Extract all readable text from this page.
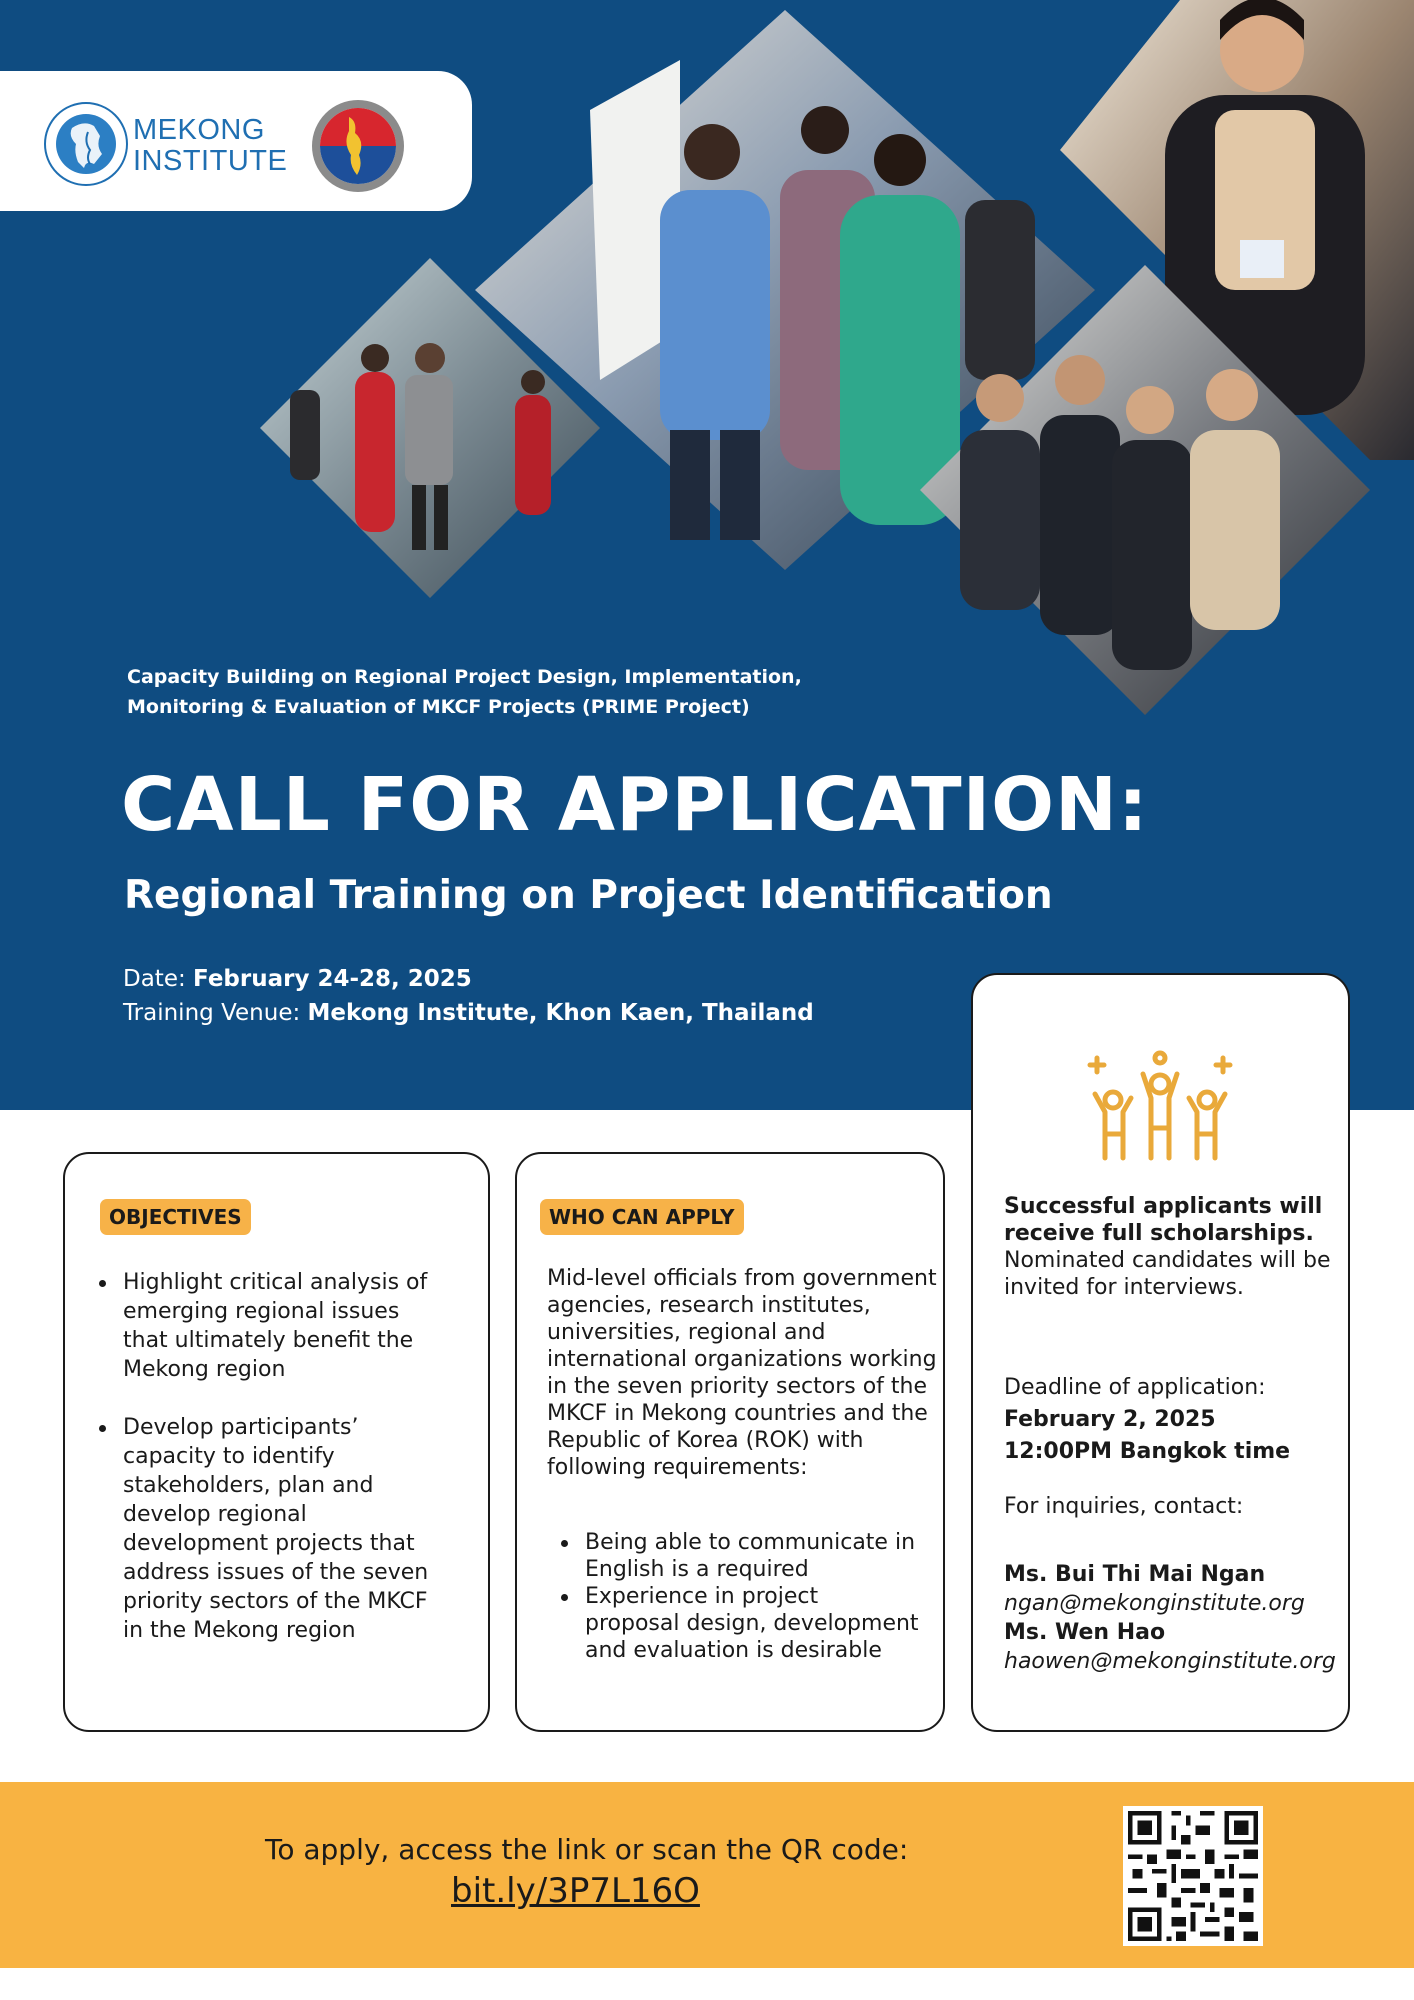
MEKONG
INSTITUTE
Capacity Building on Regional Project Design, Implementation,
Monitoring & Evaluation of MKCF Projects (PRIME Project)
CALL FOR APPLICATION:
Regional Training on Project Identification
Date: February 24-28, 2025
Training Venue: Mekong Institute, Khon Kaen, Thailand
OBJECTIVES
Highlight critical analysis of emerging regional issues that ultimately benefit the Mekong region
Develop participants’ capacity to identify stakeholders, plan and develop regional development projects that address issues of the seven priority sectors of the MKCF in the Mekong region
WHO CAN APPLY
Mid-level officials from government agencies, research institutes, universities, regional and international organizations working in the seven priority sectors of the MKCF in Mekong countries and the Republic of Korea (ROK) with following requirements:
Being able to communicate in English is a required
Experience in project proposal design, development and evaluation is desirable
Successful applicants will receive full scholarships.
Nominated candidates will be invited for interviews.
Deadline of application:
February 2, 2025
12:00PM Bangkok time
For inquiries, contact:
Ms. Bui Thi Mai Ngan
ngan@mekonginstitute.org
Ms. Wen Hao
haowen@mekonginstitute.org
To apply, access the link or scan the QR code:
bit.ly/3P7L16O
